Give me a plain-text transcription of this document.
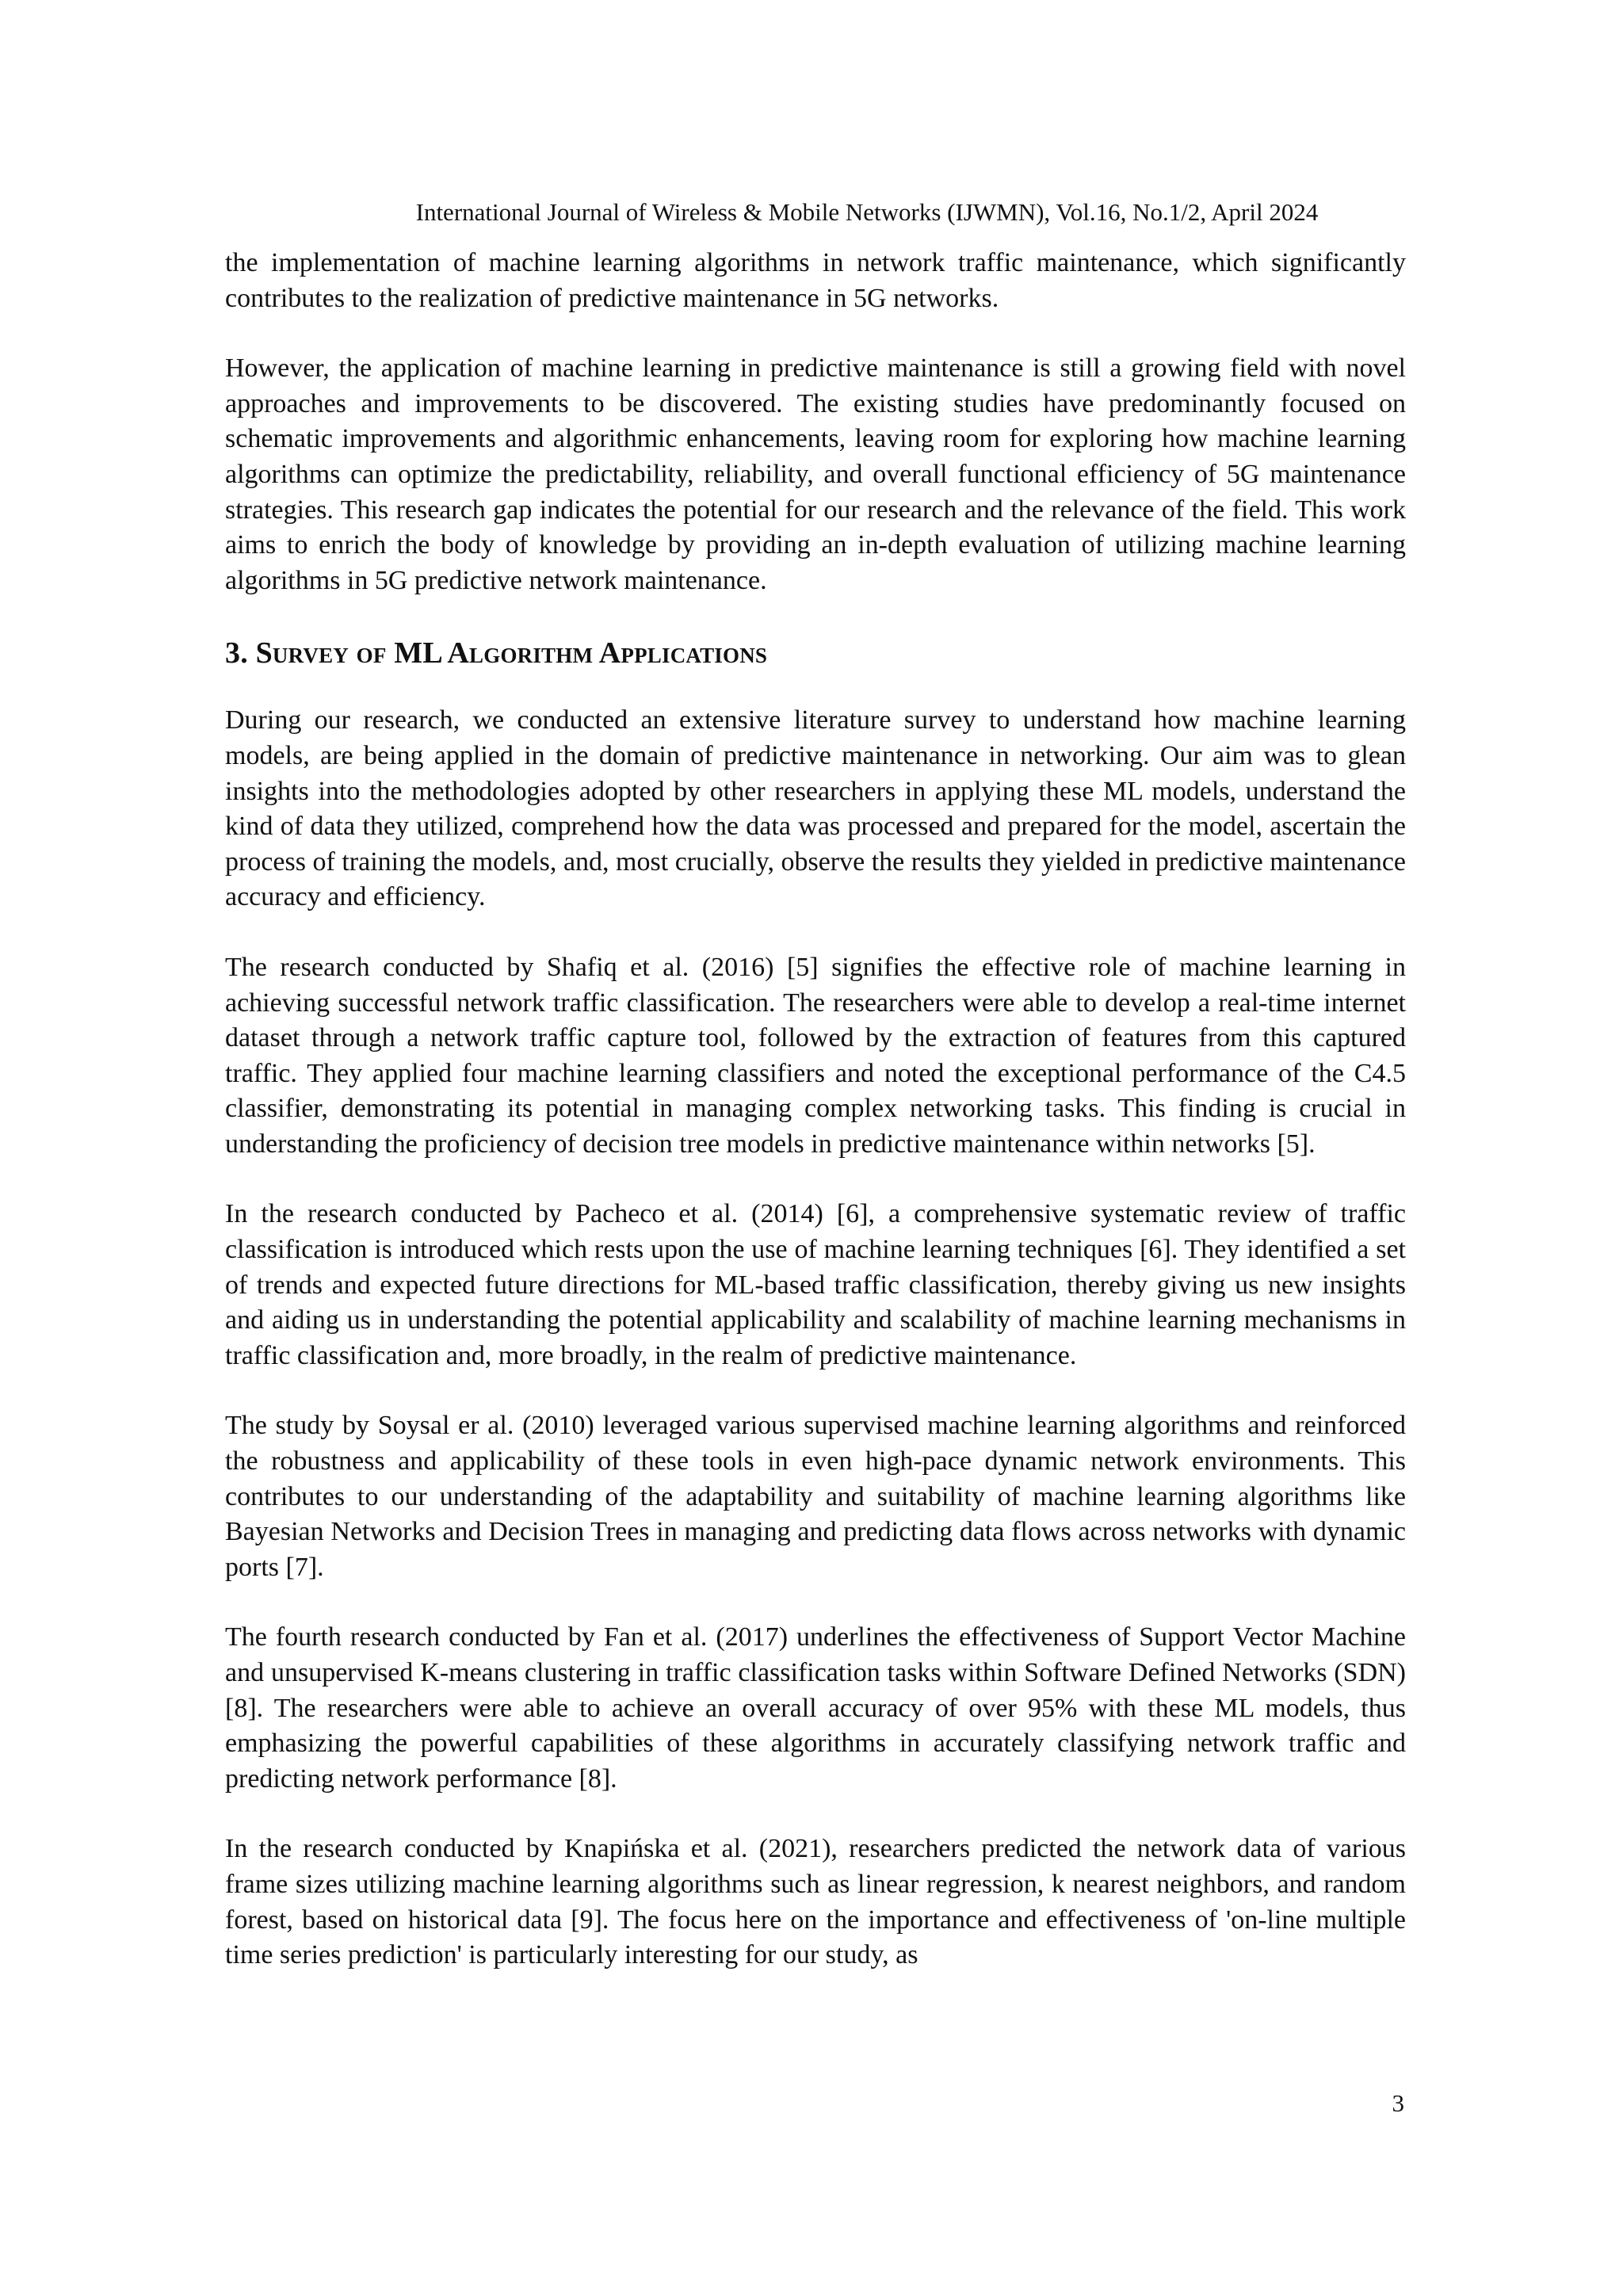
International Journal of Wireless & Mobile Networks (IJWMN), Vol.16, No.1/2, April 2024

the implementation of machine learning algorithms in network traffic maintenance, which significantly contributes to the realization of predictive maintenance in 5G networks.

However, the application of machine learning in predictive maintenance is still a growing field with novel approaches and improvements to be discovered. The existing studies have predominantly focused on schematic improvements and algorithmic enhancements, leaving room for exploring how machine learning algorithms can optimize the predictability, reliability, and overall functional efficiency of 5G maintenance strategies. This research gap indicates the potential for our research and the relevance of the field. This work aims to enrich the body of knowledge by providing an in-depth evaluation of utilizing machine learning algorithms in 5G predictive network maintenance.

3. Survey of ML Algorithm Applications

During our research, we conducted an extensive literature survey to understand how machine learning models, are being applied in the domain of predictive maintenance in networking. Our aim was to glean insights into the methodologies adopted by other researchers in applying these ML models, understand the kind of data they utilized, comprehend how the data was processed and prepared for the model, ascertain the process of training the models, and, most crucially, observe the results they yielded in predictive maintenance accuracy and efficiency.

The research conducted by Shafiq et al. (2016) [5] signifies the effective role of machine learning in achieving successful network traffic classification. The researchers were able to develop a real-time internet dataset through a network traffic capture tool, followed by the extraction of features from this captured traffic. They applied four machine learning classifiers and noted the exceptional performance of the C4.5 classifier, demonstrating its potential in managing complex networking tasks. This finding is crucial in understanding the proficiency of decision tree models in predictive maintenance within networks [5].

In the research conducted by Pacheco et al. (2014) [6], a comprehensive systematic review of traffic classification is introduced which rests upon the use of machine learning techniques [6]. They identified a set of trends and expected future directions for ML-based traffic classification, thereby giving us new insights and aiding us in understanding the potential applicability and scalability of machine learning mechanisms in traffic classification and, more broadly, in the realm of predictive maintenance.

The study by Soysal er al. (2010) leveraged various supervised machine learning algorithms and reinforced the robustness and applicability of these tools in even high-pace dynamic network environments. This contributes to our understanding of the adaptability and suitability of machine learning algorithms like Bayesian Networks and Decision Trees in managing and predicting data flows across networks with dynamic ports [7].

The fourth research conducted by Fan et al. (2017) underlines the effectiveness of Support Vector Machine and unsupervised K-means clustering in traffic classification tasks within Software Defined Networks (SDN) [8]. The researchers were able to achieve an overall accuracy of over 95% with these ML models, thus emphasizing the powerful capabilities of these algorithms in accurately classifying network traffic and predicting network performance [8].

In the research conducted by Knapińska et al. (2021), researchers predicted the network data of various frame sizes utilizing machine learning algorithms such as linear regression, k nearest neighbors, and random forest, based on historical data [9]. The focus here on the importance and effectiveness of 'on-line multiple time series prediction' is particularly interesting for our study, as

3
